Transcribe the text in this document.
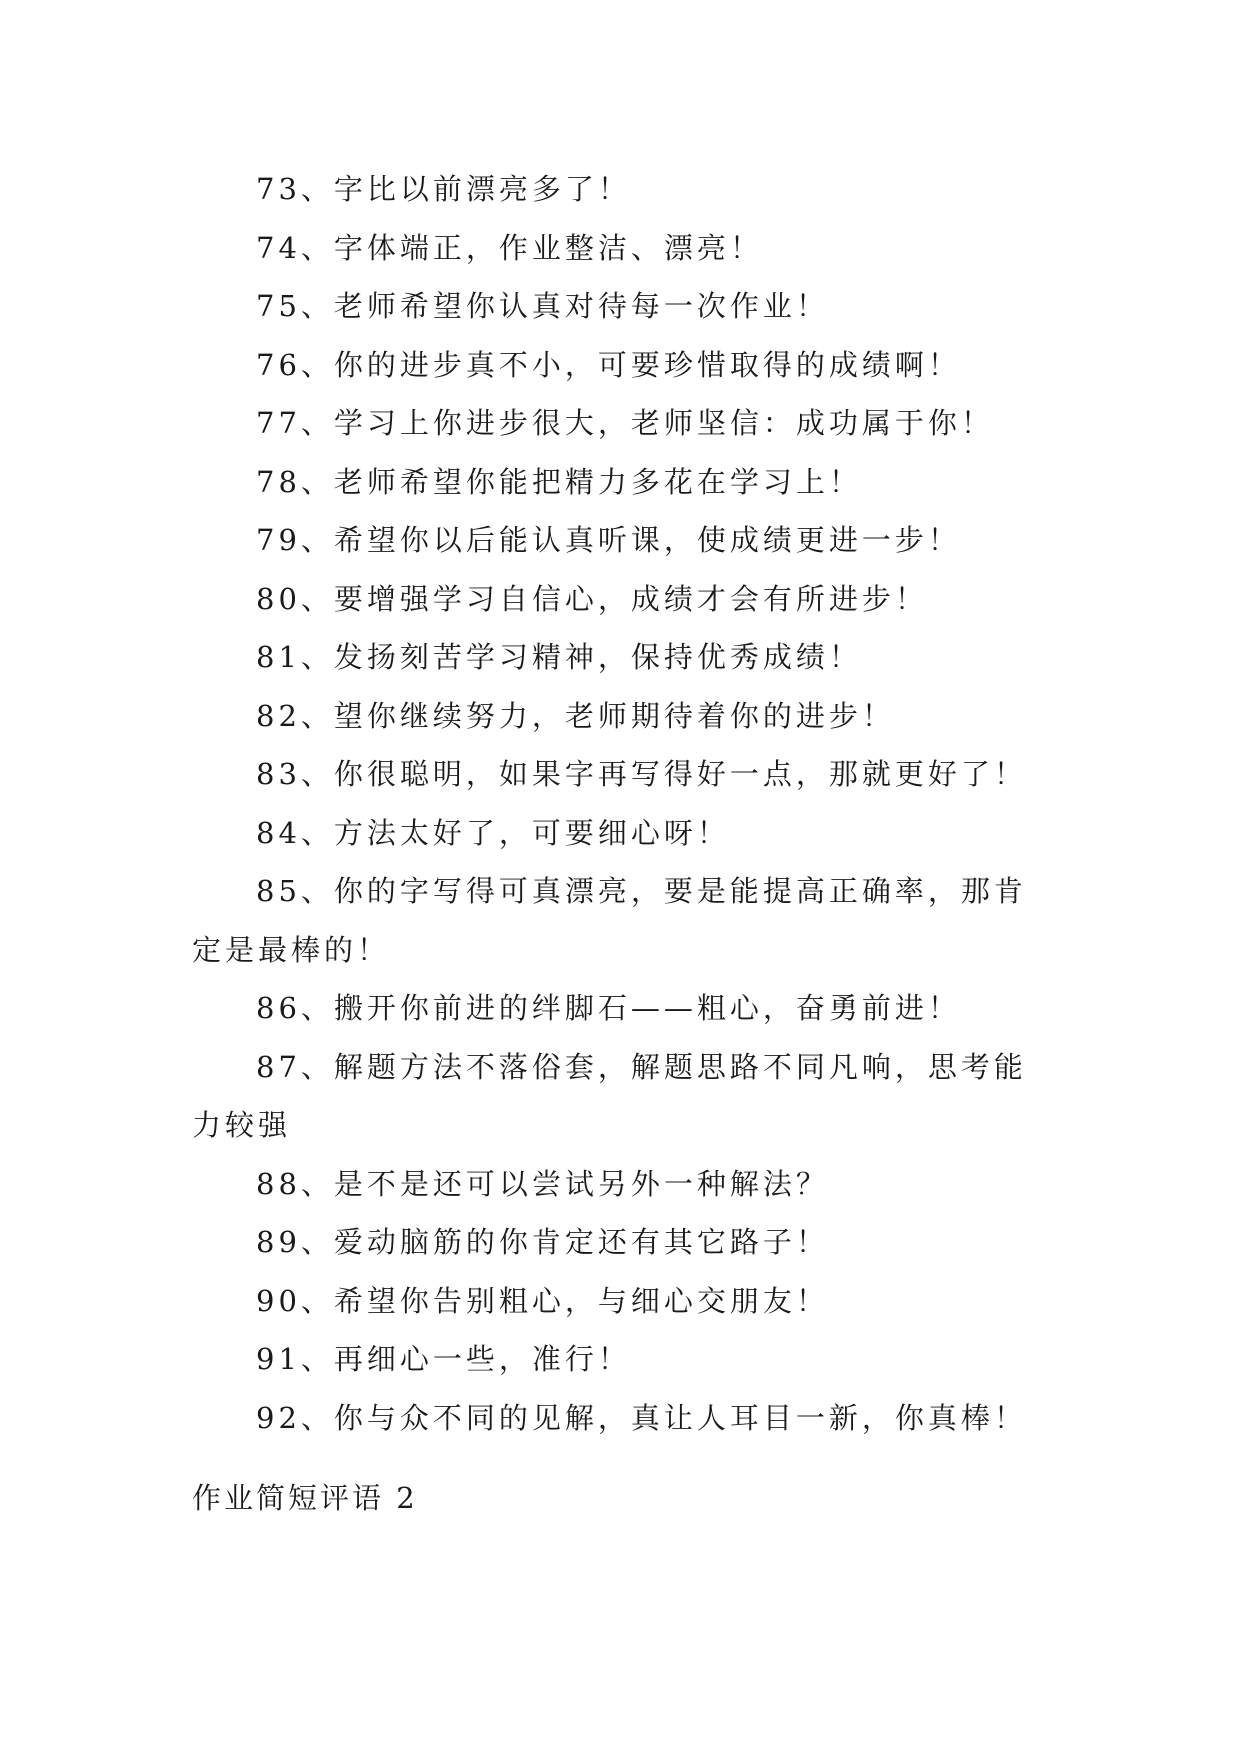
73、字比以前漂亮多了！

74、字体端正，作业整洁、漂亮！

75、老师希望你认真对待每一次作业！

76、你的进步真不小，可要珍惜取得的成绩啊！

77、学习上你进步很大，老师坚信：成功属于你！

78、老师希望你能把精力多花在学习上！

79、希望你以后能认真听课，使成绩更进一步！

80、要增强学习自信心，成绩才会有所进步！

81、发扬刻苦学习精神，保持优秀成绩！

82、望你继续努力，老师期待着你的进步！

83、你很聪明，如果字再写得好一点，那就更好了！

84、方法太好了，可要细心呀！

85、你的字写得可真漂亮，要是能提高正确率，那肯定是最棒的！

86、搬开你前进的绊脚石——粗心，奋勇前进！

87、解题方法不落俗套，解题思路不同凡响，思考能力较强

88、是不是还可以尝试另外一种解法？

89、爱动脑筋的你肯定还有其它路子！

90、希望你告别粗心，与细心交朋友！

91、再细心一些，准行！

92、你与众不同的见解，真让人耳目一新，你真棒！

作业简短评语 2
